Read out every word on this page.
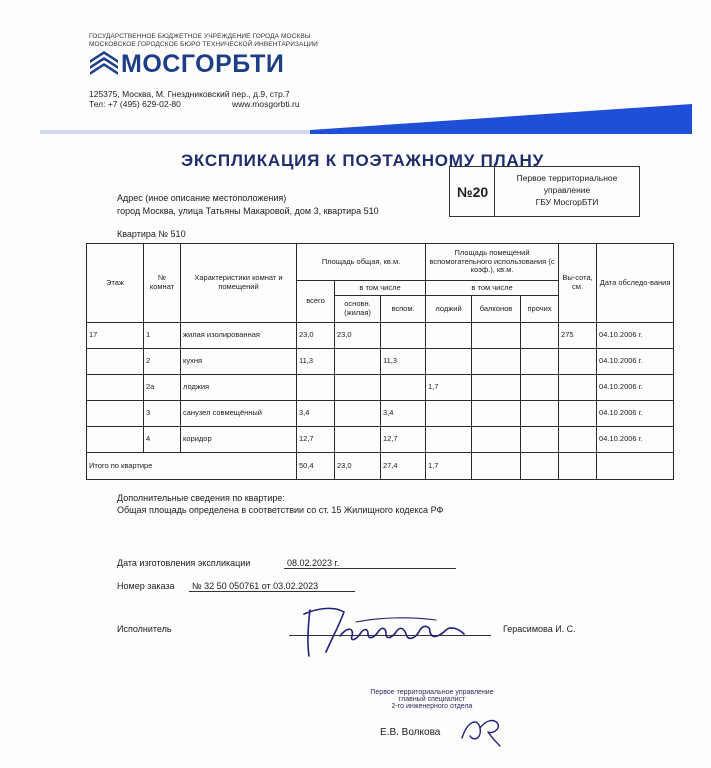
ГОСУДАРСТВЕННОЕ БЮДЖЕТНОЕ УЧРЕЖДЕНИЕ ГОРОДА МОСКВЫ
МОСКОВСКОЕ ГОРОДСКОЕ БЮРО ТЕХНИЧЕСКОЙ ИНВЕНТАРИЗАЦИИ
МОСГОРБТИ
125375, Москва, М. Гнездниковский пер., д.9, стр.7
Тел: +7 (495) 629-02-80	www.mosgorbti.ru
ЭКСПЛИКАЦИЯ К ПОЭТАЖНОМУ ПЛАНУ
№20
Первое территориальное
управление
ГБУ МосгорБТИ
Адрес (иное описание местоположения)
город Москва, улица Татьяны Макаровой, дом 3, квартира 510
Квартира № 510
Этаж	№ комнат	Характеристики комнат и помещений	Площадь общая, кв.м.			Площадь помещений вспомогательного использования (с коэф.), кв.м.			Вы-сота, см.	Дата обследо-вания
			всего	в том числе		в том числе				
				основн. (жилая)	вспом.	лоджий	балконов	прочих		
17	1	жилая изолированная	23,0	23,0					275	04.10.2006 г.
	2	кухня	11,3		11,3					04.10.2006 г.
	2а	лоджия				1,7				04.10.2006 г.
	3	санузел совмещённый	3,4		3,4					04.10.2006 г.
	4	коридор	12,7		12,7					04.10.2006 г.
Итого по квартире			50,4	23,0	27,4	1,7				
Дополнительные сведения по квартире:
Общая площадь определена в соответствии со ст. 15 Жилищного кодекса РФ
Дата изготовления экспликации	08.02.2023 г.
Номер заказа	№ 32 50 050761 от 03.02.2023
Исполнитель	Герасимова И. С.
Первое территориальное управление
главный специалист
2-го инженерного отдела
Е.В. Волкова
